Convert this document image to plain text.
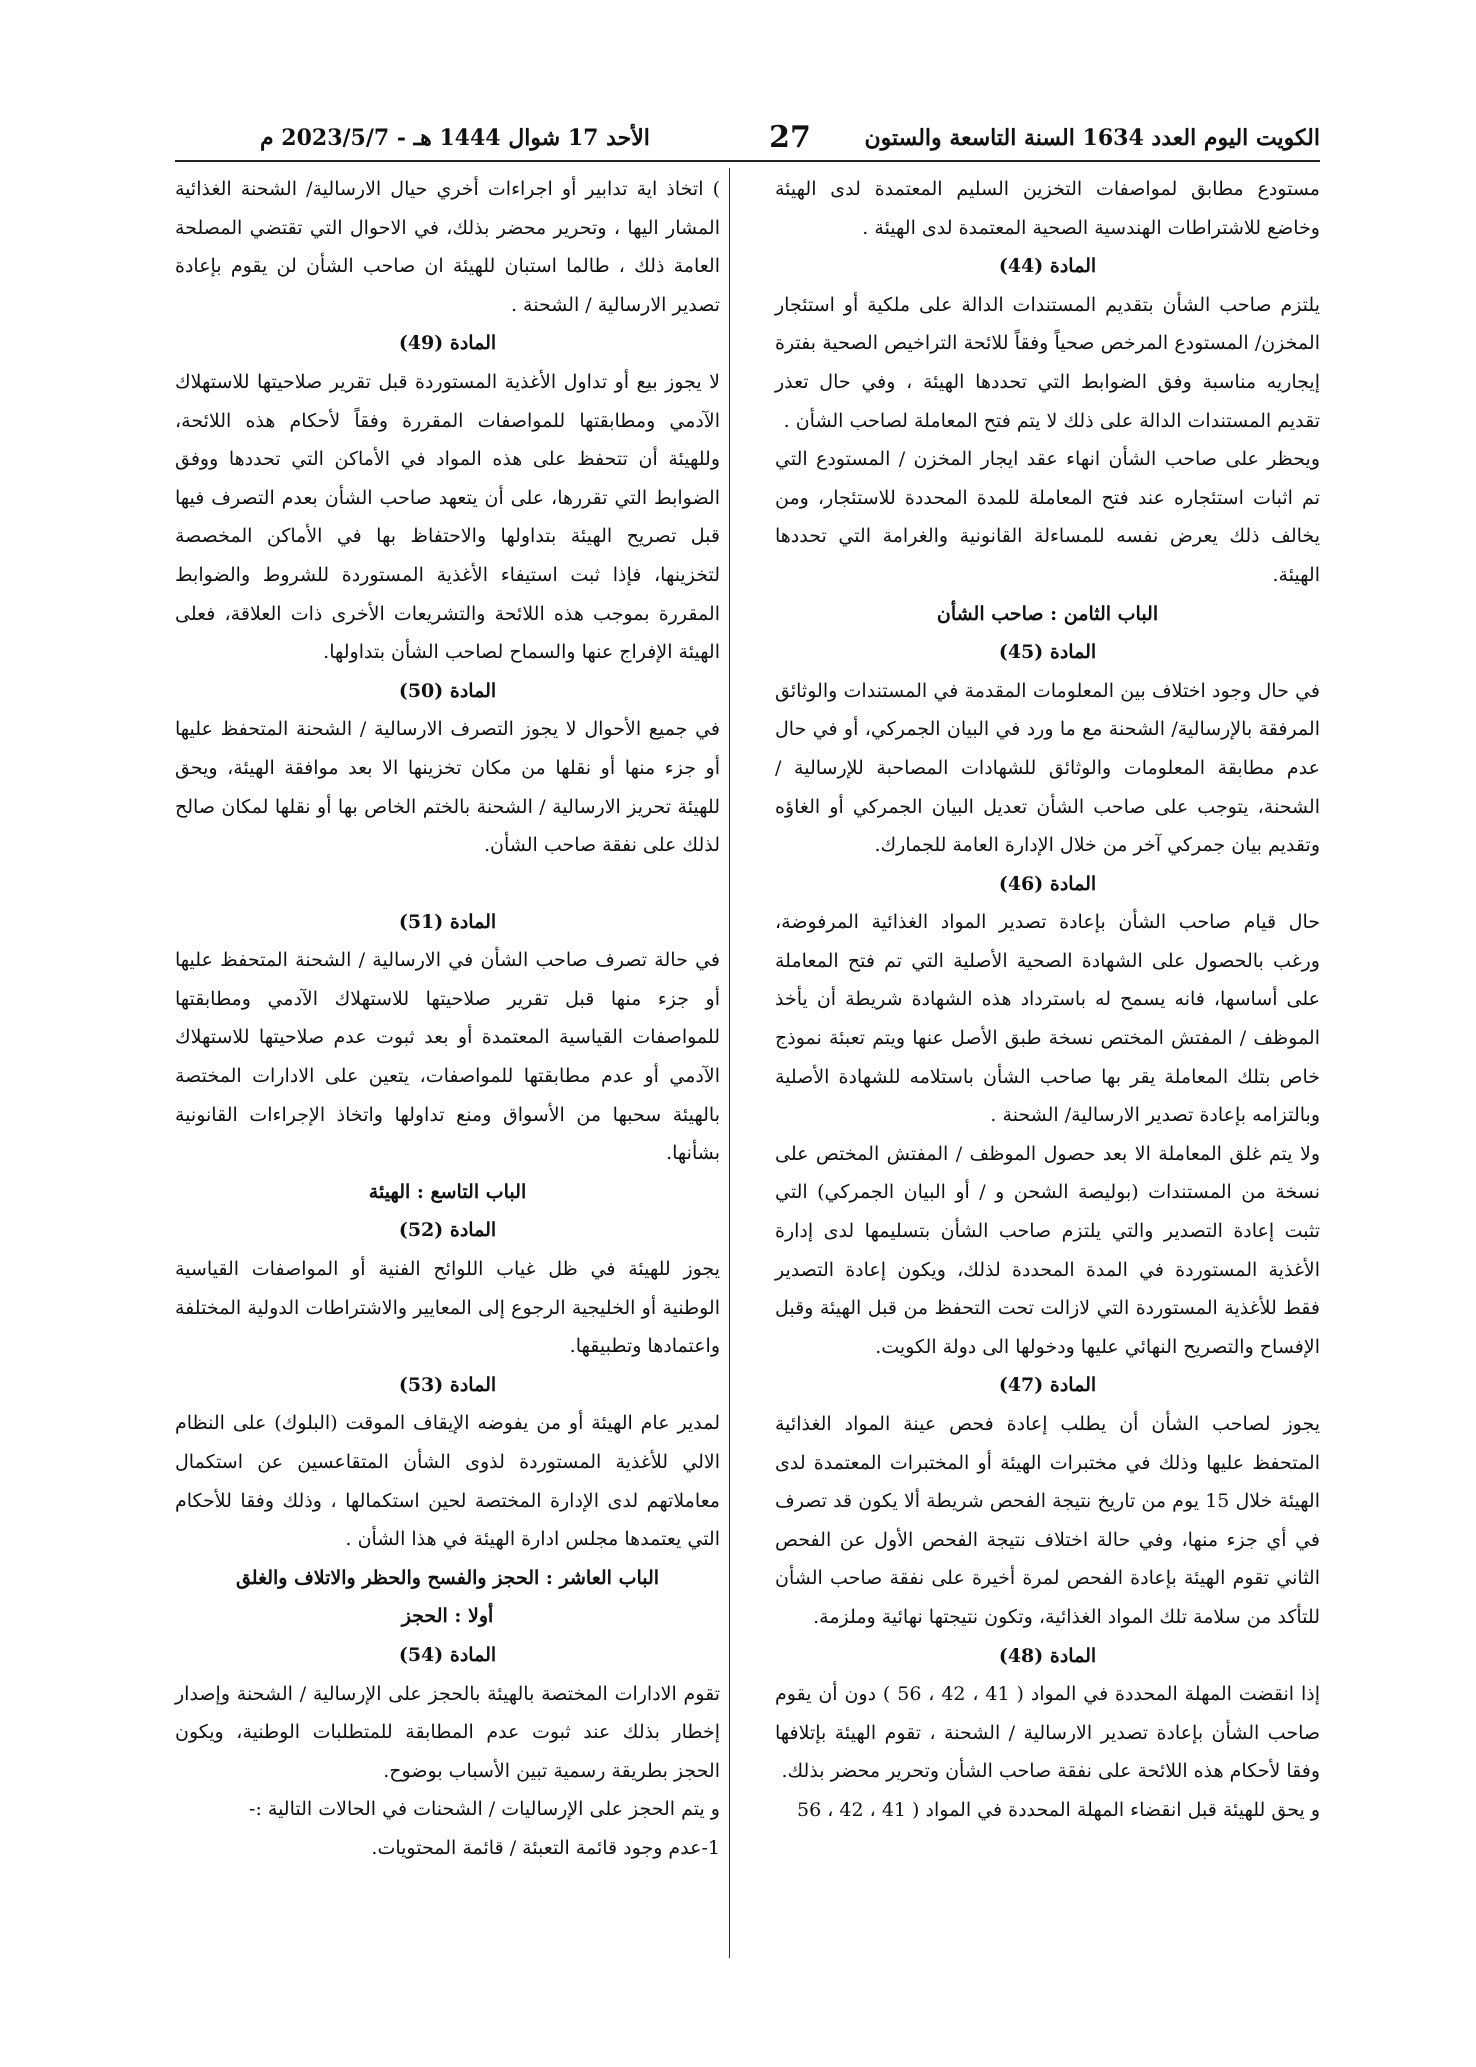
الكويت اليوم العدد 1634 السنة التاسعة والستون
27
الأحد 17 شوال 1444 هـ - 2023/5/7 م

مستودع مطابق لمواصفات التخزين السليم المعتمدة لدى الهيئة وخاضع للاشتراطات الهندسية الصحية المعتمدة لدى الهيئة .

المادة (44)

يلتزم صاحب الشأن بتقديم المستندات الدالة على ملكية أو استئجار المخزن/ المستودع المرخص صحياً وفقاً للائحة التراخيص الصحية بفترة إيجاريه مناسبة وفق الضوابط التي تحددها الهيئة ، وفي حال تعذر تقديم المستندات الدالة على ذلك لا يتم فتح المعاملة لصاحب الشأن .

ويحظر على صاحب الشأن انهاء عقد ايجار المخزن / المستودع التي تم اثبات استئجاره عند فتح المعاملة للمدة المحددة للاستئجار، ومن يخالف ذلك يعرض نفسه للمساءلة القانونية والغرامة التي تحددها الهيئة.

الباب الثامن : صاحب الشأن

المادة (45)

في حال وجود اختلاف بين المعلومات المقدمة في المستندات والوثائق المرفقة بالإرسالية/ الشحنة مع ما ورد في البيان الجمركي، أو في حال عدم مطابقة المعلومات والوثائق للشهادات المصاحبة للإرسالية / الشحنة، يتوجب على صاحب الشأن تعديل البيان الجمركي أو الغاؤه وتقديم بيان جمركي آخر من خلال الإدارة العامة للجمارك.

المادة (46)

حال قيام صاحب الشأن بإعادة تصدير المواد الغذائية المرفوضة، ورغب بالحصول على الشهادة الصحية الأصلية التي تم فتح المعاملة على أساسها، فانه يسمح له باسترداد هذه الشهادة شريطة أن يأخذ الموظف / المفتش المختص نسخة طبق الأصل عنها ويتم تعبئة نموذج خاص بتلك المعاملة يقر بها صاحب الشأن باستلامه للشهادة الأصلية وبالتزامه بإعادة تصدير الارسالية/ الشحنة .

ولا يتم غلق المعاملة الا بعد حصول الموظف / المفتش المختص على نسخة من المستندات (بوليصة الشحن و / أو البيان الجمركي) التي تثبت إعادة التصدير والتي يلتزم صاحب الشأن بتسليمها لدى إدارة الأغذية المستوردة في المدة المحددة لذلك، ويكون إعادة التصدير فقط للأغذية المستوردة التي لازالت تحت التحفظ من قبل الهيئة وقبل الإفساح والتصريح النهائي عليها ودخولها الى دولة الكويت.

المادة (47)

يجوز لصاحب الشأن أن يطلب إعادة فحص عينة المواد الغذائية المتحفظ عليها وذلك في مختبرات الهيئة أو المختبرات المعتمدة لدى الهيئة خلال 15 يوم من تاريخ نتيجة الفحص شريطة ألا يكون قد تصرف في أي جزء منها، وفي حالة اختلاف نتيجة الفحص الأول عن الفحص الثاني تقوم الهيئة بإعادة الفحص لمرة أخيرة على نفقة صاحب الشأن للتأكد من سلامة تلك المواد الغذائية، وتكون نتيجتها نهائية وملزمة.

المادة (48)

إذا انقضت المهلة المحددة في المواد ( 41 ، 42 ، 56 ) دون أن يقوم صاحب الشأن بإعادة تصدير الارسالية / الشحنة ، تقوم الهيئة بإتلافها وفقا لأحكام هذه اللائحة على نفقة صاحب الشأن وتحرير محضر بذلك.

و يحق للهيئة قبل انقضاء المهلة المحددة في المواد ( 41 ، 42 ، 56

) اتخاذ اية تدابير أو اجراءات أخري حيال الارسالية/ الشحنة الغذائية المشار اليها ، وتحرير محضر بذلك، في الاحوال التي تقتضي المصلحة العامة ذلك ، طالما استبان للهيئة ان صاحب الشأن لن يقوم بإعادة تصدير الارسالية / الشحنة .

المادة (49)

لا يجوز بيع أو تداول الأغذية المستوردة قبل تقرير صلاحيتها للاستهلاك الآدمي ومطابقتها للمواصفات المقررة وفقاً لأحكام هذه اللائحة، وللهيئة أن تتحفظ على هذه المواد في الأماكن التي تحددها ووفق الضوابط التي تقررها، على أن يتعهد صاحب الشأن بعدم التصرف فيها قبل تصريح الهيئة بتداولها والاحتفاظ بها في الأماكن المخصصة لتخزينها، فإذا ثبت استيفاء الأغذية المستوردة للشروط والضوابط المقررة بموجب هذه اللائحة والتشريعات الأخرى ذات العلاقة، فعلى الهيئة الإفراج عنها والسماح لصاحب الشأن بتداولها.

المادة (50)

في جميع الأحوال لا يجوز التصرف الارسالية / الشحنة المتحفظ عليها أو جزء منها أو نقلها من مكان تخزينها الا بعد موافقة الهيئة، ويحق للهيئة تحريز الارسالية / الشحنة بالختم الخاص بها أو نقلها لمكان صالح لذلك على نفقة صاحب الشأن.

المادة (51)

في حالة تصرف صاحب الشأن في الارسالية / الشحنة المتحفظ عليها أو جزء منها قبل تقرير صلاحيتها للاستهلاك الآدمي ومطابقتها للمواصفات القياسية المعتمدة أو بعد ثبوت عدم صلاحيتها للاستهلاك الآدمي أو عدم مطابقتها للمواصفات، يتعين على الادارات المختصة بالهيئة سحبها من الأسواق ومنع تداولها واتخاذ الإجراءات القانونية بشأنها.

الباب التاسع : الهيئة

المادة (52)

يجوز للهيئة في ظل غياب اللوائح الفنية أو المواصفات القياسية الوطنية أو الخليجية الرجوع إلى المعايير والاشتراطات الدولية المختلفة واعتمادها وتطبيقها.

المادة (53)

لمدير عام الهيئة أو من يفوضه الإيقاف الموقت (البلوك) على النظام الالي للأغذية المستوردة لذوى الشأن المتقاعسين عن استكمال معاملاتهم لدى الإدارة المختصة لحين استكمالها ، وذلك وفقا للأحكام التي يعتمدها مجلس ادارة الهيئة في هذا الشأن .

الباب العاشر : الحجز والفسح والحظر والاتلاف والغلق

أولا : الحجز

المادة (54)

تقوم الادارات المختصة بالهيئة بالحجز على الإرسالية / الشحنة وإصدار إخطار بذلك عند ثبوت عدم المطابقة للمتطلبات الوطنية، ويكون الحجز بطريقة رسمية تبين الأسباب بوضوح.

و يتم الحجز على الإرساليات / الشحنات في الحالات التالية :-

1-عدم وجود قائمة التعبئة / قائمة المحتويات.
